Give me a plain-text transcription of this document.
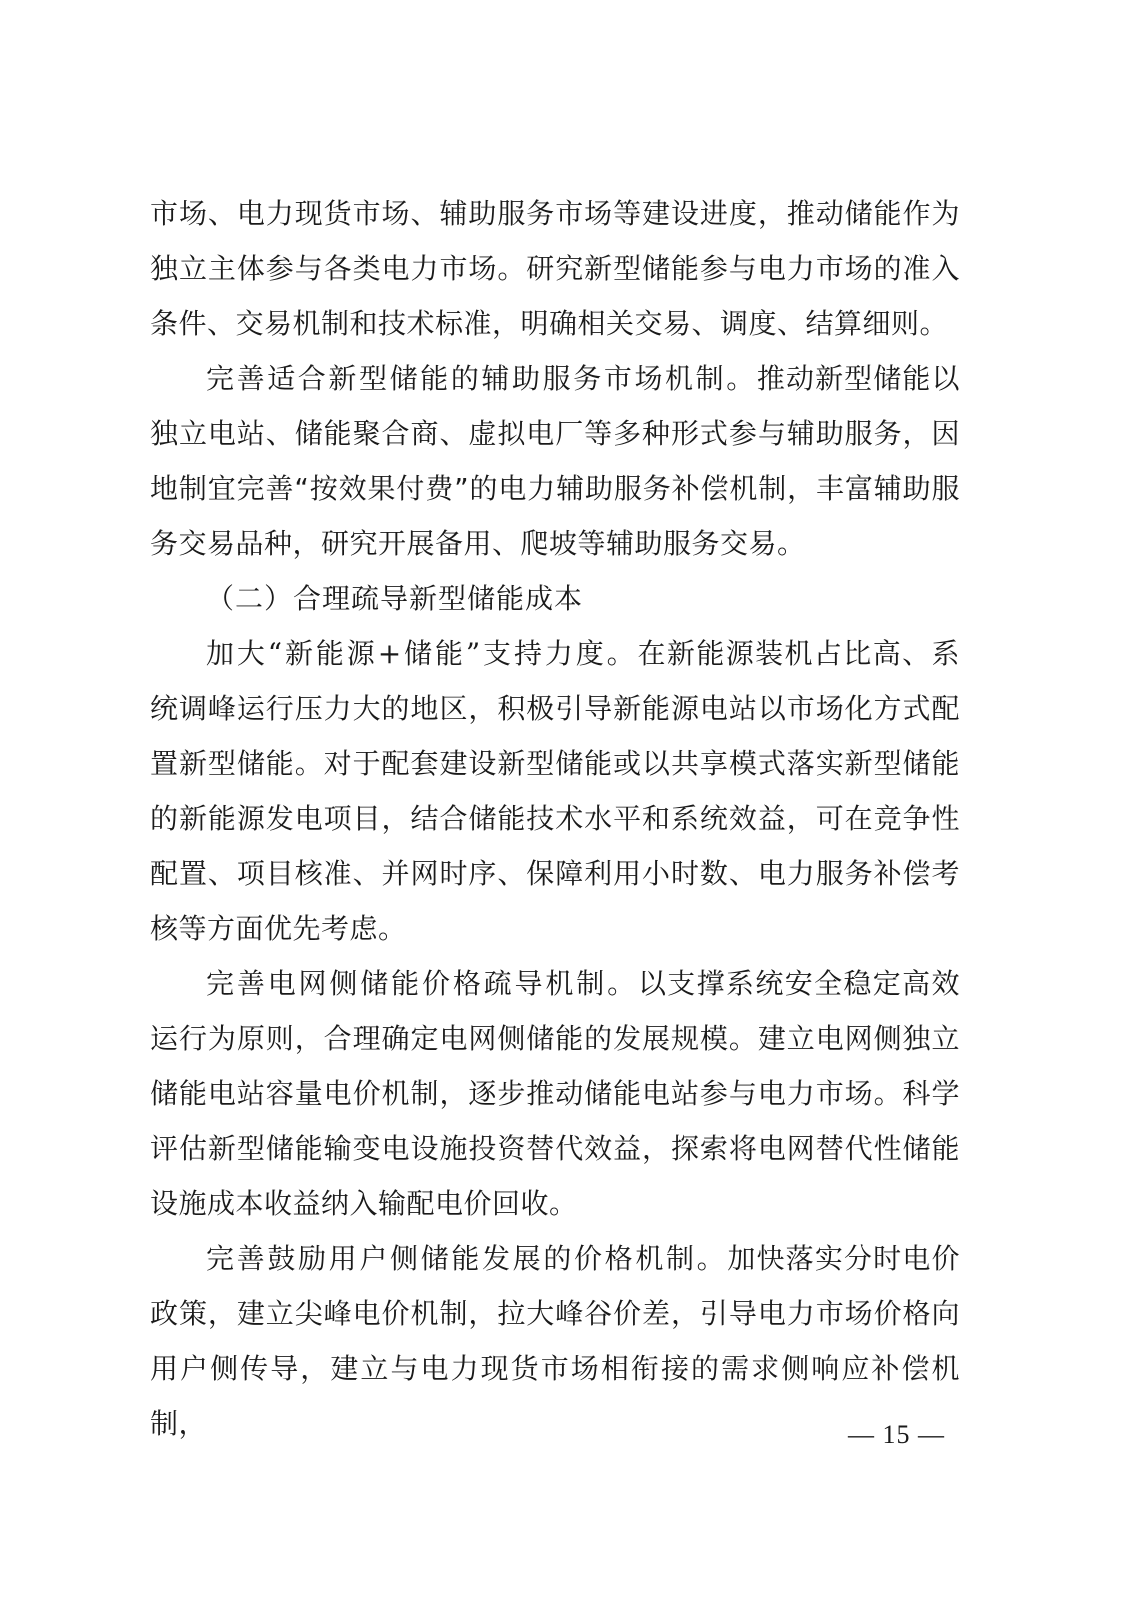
市场、电力现货市场、辅助服务市场等建设进度，推动储能作为独立主体参与各类电力市场。研究新型储能参与电力市场的准入条件、交易机制和技术标准，明确相关交易、调度、结算细则。

完善适合新型储能的辅助服务市场机制。推动新型储能以独立电站、储能聚合商、虚拟电厂等多种形式参与辅助服务，因地制宜完善“按效果付费”的电力辅助服务补偿机制，丰富辅助服务交易品种，研究开展备用、爬坡等辅助服务交易。

（二）合理疏导新型储能成本

加大“新能源+储能”支持力度。在新能源装机占比高、系统调峰运行压力大的地区，积极引导新能源电站以市场化方式配置新型储能。对于配套建设新型储能或以共享模式落实新型储能的新能源发电项目，结合储能技术水平和系统效益，可在竞争性配置、项目核准、并网时序、保障利用小时数、电力服务补偿考核等方面优先考虑。

完善电网侧储能价格疏导机制。以支撑系统安全稳定高效运行为原则，合理确定电网侧储能的发展规模。建立电网侧独立储能电站容量电价机制，逐步推动储能电站参与电力市场。科学评估新型储能输变电设施投资替代效益，探索将电网替代性储能设施成本收益纳入输配电价回收。

完善鼓励用户侧储能发展的价格机制。加快落实分时电价政策，建立尖峰电价机制，拉大峰谷价差，引导电力市场价格向用户侧传导，建立与电力现货市场相衔接的需求侧响应补偿机制，	— 15 —
